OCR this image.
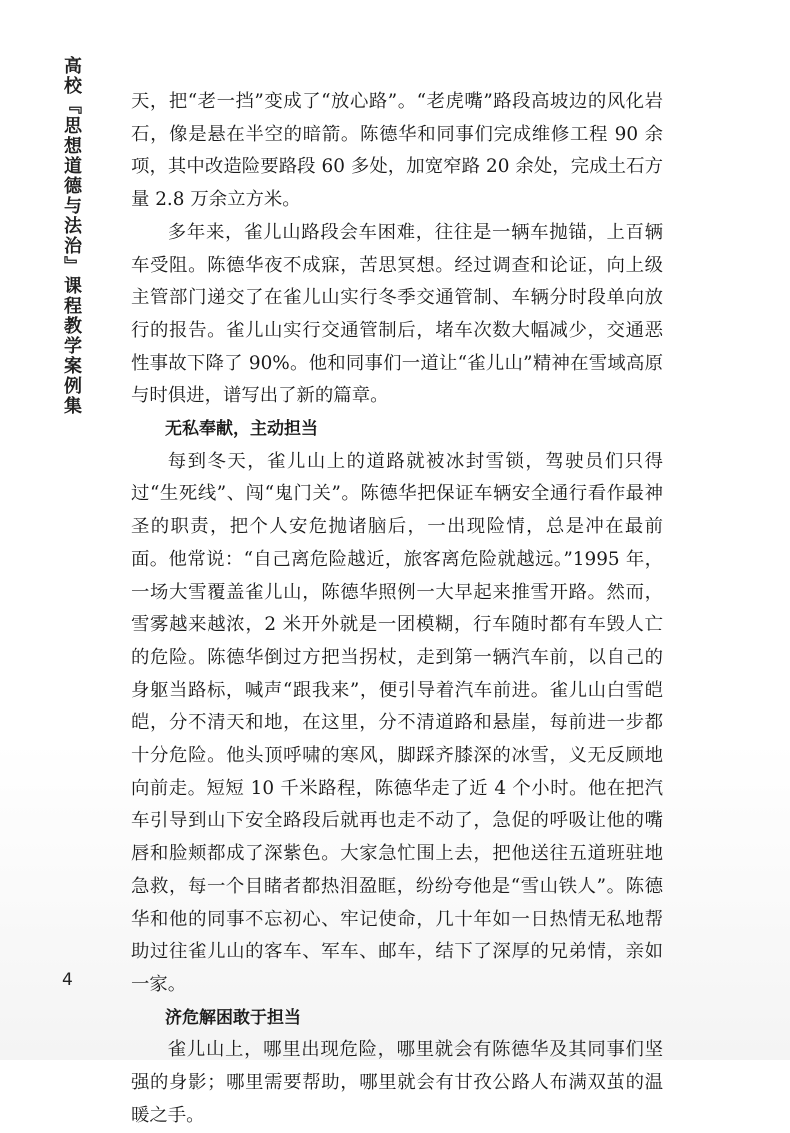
高校『思想道德与法治』课程教学案例集	天，把“老一挡”变成了“放心路”。“老虎嘴”路段高坡边的风化岩石，像是悬在半空的暗箭。陈德华和同事们完成维修工程 90 余项，其中改造险要路段 60 多处，加宽窄路 20 余处，完成土石方量 2.8 万余立方米。

多年来，雀儿山路段会车困难，往往是一辆车抛锚，上百辆车受阻。陈德华夜不成寐，苦思冥想。经过调查和论证，向上级主管部门递交了在雀儿山实行冬季交通管制、车辆分时段单向放行的报告。雀儿山实行交通管制后，堵车次数大幅减少，交通恶性事故下降了 90%。他和同事们一道让“雀儿山”精神在雪域高原与时俱进，谱写出了新的篇章。

无私奉献，主动担当

每到冬天，雀儿山上的道路就被冰封雪锁，驾驶员们只得过“生死线”、闯“鬼门关”。陈德华把保证车辆安全通行看作最神圣的职责，把个人安危抛诸脑后，一出现险情，总是冲在最前面。他常说：“自己离危险越近，旅客离危险就越远。”1995 年，一场大雪覆盖雀儿山，陈德华照例一大早起来推雪开路。然而，雪雾越来越浓，2 米开外就是一团模糊，行车随时都有车毁人亡的危险。陈德华倒过方把当拐杖，走到第一辆汽车前，以自己的身躯当路标，喊声“跟我来”，便引导着汽车前进。雀儿山白雪皑皑，分不清天和地，在这里，分不清道路和悬崖，每前进一步都十分危险。他头顶呼啸的寒风，脚踩齐膝深的冰雪，义无反顾地向前走。短短 10 千米路程，陈德华走了近 4 个小时。他在把汽车引导到山下安全路段后就再也走不动了，急促的呼吸让他的嘴唇和脸颊都成了深紫色。大家急忙围上去，把他送往五道班驻地急救，每一个目睹者都热泪盈眶，纷纷夸他是“雪山铁人”。陈德华和他的同事不忘初心、牢记使命，几十年如一日热情无私地帮助过往雀儿山的客车、军车、邮车，结下了深厚的兄弟情，亲如一家。

济危解困敢于担当

雀儿山上，哪里出现危险，哪里就会有陈德华及其同事们坚强的身影；哪里需要帮助，哪里就会有甘孜公路人布满双茧的温暖之手。

4
